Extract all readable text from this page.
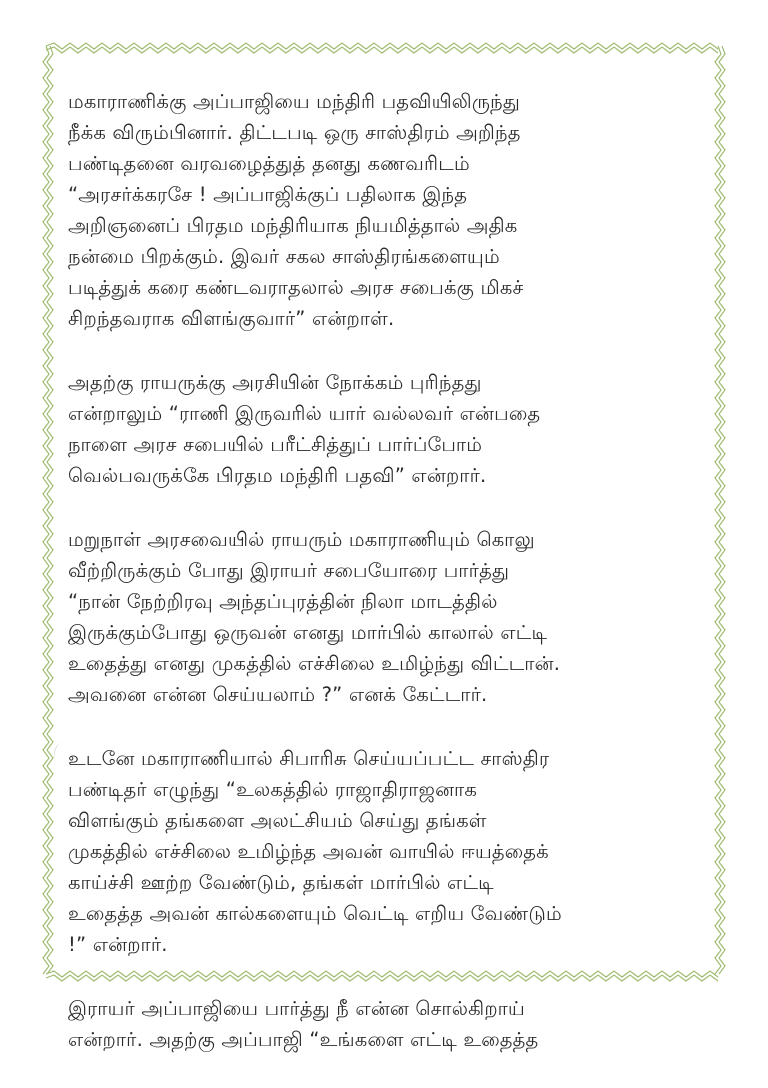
மகாராணிக்கு அப்பாஜியை மந்திரி பதவியிலிருந்து
நீக்க விரும்பினார். திட்டபடி ஒரு சாஸ்திரம் அறிந்த
பண்டிதனை வரவழைத்துத் தனது கணவரிடம்
“அரசர்க்கரசே ! அப்பாஜிக்குப் பதிலாக இந்த
அறிஞனைப் பிரதம மந்திரியாக நியமித்தால் அதிக
நன்மை பிறக்கும். இவர் சகல சாஸ்திரங்களையும்
படித்துக் கரை கண்டவராதலால் அரச சபைக்கு மிகச்
சிறந்தவராக விளங்குவார்” என்றாள்.

அதற்கு ராயருக்கு அரசியின் நோக்கம் புரிந்தது
என்றாலும் “ராணி இருவரில் யார் வல்லவர் என்பதை
நாளை அரச சபையில் பரீட்சித்துப் பார்ப்போம்
வெல்பவருக்கே பிரதம மந்திரி பதவி” என்றார்.

மறுநாள் அரசவையில் ராயரும் மகாராணியும் கொலு
வீற்றிருக்கும் போது இராயர் சபையோரை பார்த்து
“நான் நேற்றிரவு அந்தப்புரத்தின் நிலா மாடத்தில்
இருக்கும்போது ஒருவன் எனது மார்பில் காலால் எட்டி
உதைத்து எனது முகத்தில் எச்சிலை உமிழ்ந்து விட்டான்.
அவனை என்ன செய்யலாம் ?” எனக் கேட்டார்.

உடனே மகாராணியால் சிபாரிசு செய்யப்பட்ட சாஸ்திர
பண்டிதர் எழுந்து “உலகத்தில் ராஜாதிராஜனாக
விளங்கும் தங்களை அலட்சியம் செய்து தங்கள்
முகத்தில் எச்சிலை உமிழ்ந்த அவன் வாயில் ஈயத்தைக்
காய்ச்சி ஊற்ற வேண்டும், தங்கள் மார்பில் எட்டி
உதைத்த அவன் கால்களையும் வெட்டி எறிய வேண்டும்
!” என்றார்.

இராயர் அப்பாஜியை பார்த்து நீ என்ன சொல்கிறாய்
என்றார். அதற்கு அப்பாஜி “உங்களை எட்டி உதைத்த
